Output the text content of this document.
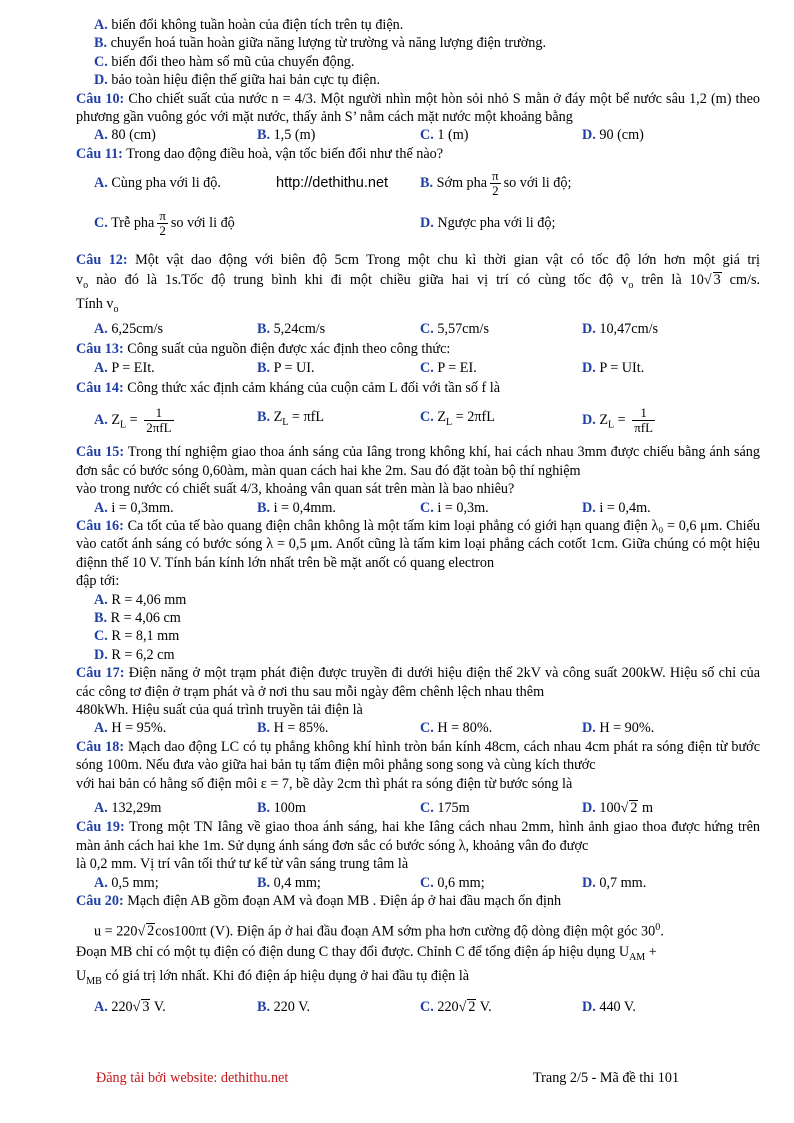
A. biến đổi không tuần hoàn của điện tích trên tụ điện.
B. chuyển hoá tuần hoàn giữa năng lượng từ trường và năng lượng điện trường.
C. biến đổi theo hàm số mũ của chuyển động.
D. bảo toàn hiệu điện thế giữa hai bản cực tụ điện.
Câu 10: Cho chiết suất của nước n = 4/3. Một người nhìn một hòn sỏi nhỏ S mằn ở đáy một bể nước sâu 1,2 (m) theo phương gần vuông góc với mặt nước, thấy ảnh S’ nằm cách mặt nước một khoảng bằng
A. 80 (cm)	B. 1,5 (m)	C. 1 (m)	D. 90 (cm)
Câu 11: Trong dao động điều hoà, vận tốc biến đổi như thế nào?
A. Cùng pha với li độ.	http://dethithu.net	B. Sớm pha $\frac{\pi}{2}$ so với li độ;
C. Trễ pha $\frac{\pi}{2}$ so với li độ	D. Ngược pha với li độ;
Câu 12: Một vật dao động với biên độ 5cm Trong một chu kì thời gian vật có tốc độ lớn hơn một giá trị
$v_o$ nào đó là 1s.Tốc độ trung bình khi đi một chiều giữa hai vị trí có cùng tốc độ $v_o$ trên là 10√ 3 cm/s.
Tính $v_o$
A. 6,25cm/s	B. 5,24cm/s	C. 5,57cm/s	D. 10,47cm/s
Câu 13: Công suất của nguồn điện được xác định theo công thức:
A. P = EIt.	B. P = UI.	C. P = EI.	D. P = UIt.
Câu 14: Công thức xác định cảm kháng của cuộn cảm L đối với tần số f là
A. $Z_L = \frac{1}{\text{2πfL}}$	B. $Z_L = \pi fL$	C. $Z_L = 2\pi fL$	D. $Z_L = \frac{1}{\text{πfL}}$
Câu 15: Trong thí nghiệm giao thoa ánh sáng của Iâng trong không khí, hai cách nhau 3mm được chiếu bằng ánh sáng đơn sắc có bước sóng 0,60àm, màn quan cách hai khe 2m. Sau đó đặt toàn bộ thí nghiệm
vào trong nước có chiết suất 4/3, khoảng vân quan sát trên màn là bao nhiêu?
A. i = 0,3mm.	B. i = 0,4mm.	C. i = 0,3m.	D. i = 0,4m.
Câu 16: Ca tốt của tế bào quang điện chân không là một tấm kim loại phẳng có giới hạn quang điện λ₀ = 0,6 μm. Chiếu vào catốt ánh sáng có bước sóng λ = 0,5 μm. Anốt cũng là tấm kim loại phẳng cách cotốt 1cm. Giữa chúng có một hiệu điệnn thế 10 V. Tính bán kính lớn nhất trên bề mặt anốt có quang electron
đập tới:
A. R = 4,06 mm
B. R = 4,06 cm
C. R = 8,1 mm
D. R = 6,2 cm
Câu 17: Điện năng ở một trạm phát điện được truyền đi dưới hiệu điện thế 2kV và công suất 200kW. Hiệu số chỉ của các công tơ điện ở trạm phát và ở nơi thu sau mỗi ngày đêm chênh lệch nhau thêm
480kWh. Hiệu suất của quá trình truyền tải điện là
A. H = 95%.	B. H = 85%.	C. H = 80%.	D. H = 90%.
Câu 18: Mạch dao động LC có tụ phẳng không khí hình tròn bán kính 48cm, cách nhau 4cm phát ra sóng điện từ bước sóng 100m. Nếu đưa vào giữa hai bản tụ tấm điện môi phẳng song song và cùng kích thước
với hai bản có hằng số điện môi ε = 7, bề dày 2cm thì phát ra sóng điện từ bước sóng là
A. 132,29m	B. 100m	C. 175m	D. 100√ 2 m
Câu 19: Trong một TN Iâng về giao thoa ánh sáng, hai khe Iâng cách nhau 2mm, hình ảnh giao thoa được hứng trên màn ảnh cách hai khe 1m. Sử dụng ánh sáng đơn sắc có bước sóng λ, khoảng vân đo được
là 0,2 mm. Vị trí vân tối thứ tư kể từ vân sáng trung tâm là
A. 0,5 mm;	B. 0,4 mm;	C. 0,6 mm;	D. 0,7 mm.
Câu 20: Mạch điện AB gồm đoạn AM và đoạn MB . Điện áp ở hai đầu mạch ổn định
u = 220√ 2cos100πt (V). Điện áp ở hai đầu đoạn AM sớm pha hơn cường độ dòng điện một góc $30^0$.
Đoạn MB chỉ có một tụ điện có điện dung C thay đổi được. Chỉnh C để tổng điện áp hiệu dụng $U_{AM}$ +
$U_{MB}$ có giá trị lớn nhất. Khi đó điện áp hiệu dụng ở hai đầu tụ điện là
A. 220√ 3 V.	B. 220 V.	C. 220√ 2 V.	D. 440 V.
Đăng tải bởi website: dethithu.net	Trang 2/5 - Mã đề thi 101
